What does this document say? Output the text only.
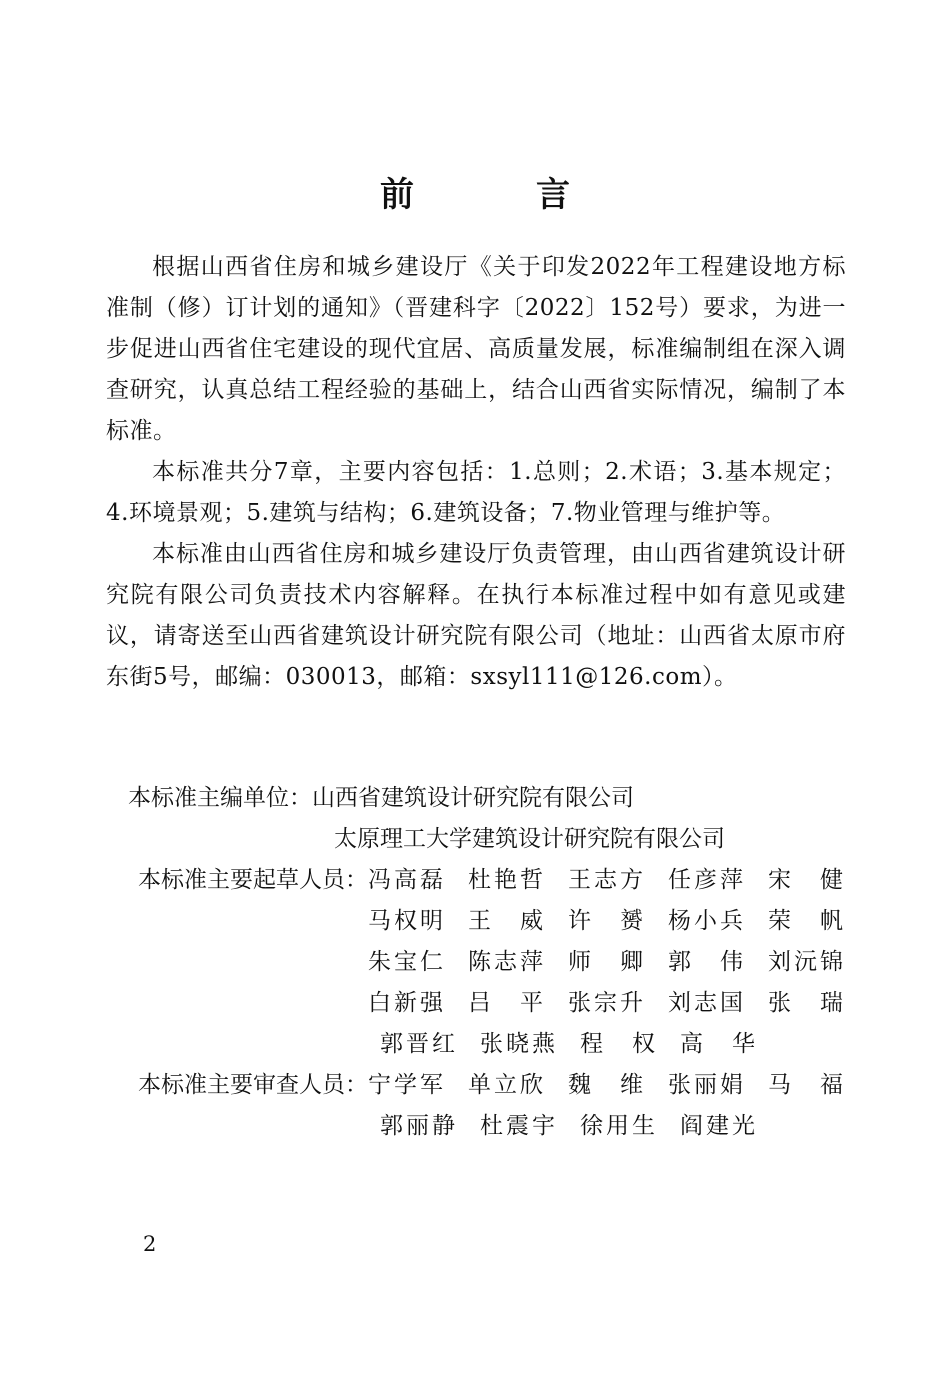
前　言

根据山西省住房和城乡建设厅《关于印发2022年工程建设地方标准制（修）订计划的通知》（晋建科字〔2022〕152号）要求，为进一步促进山西省住宅建设的现代宜居、高质量发展，标准编制组在深入调查研究，认真总结工程经验的基础上，结合山西省实际情况，编制了本标准。

本标准共分7章，主要内容包括：1.总则；2.术语；3.基本规定；4.环境景观；5.建筑与结构；6.建筑设备；7.物业管理与维护等。

本标准由山西省住房和城乡建设厅负责管理，由山西省建筑设计研究院有限公司负责技术内容解释。在执行本标准过程中如有意见或建议，请寄送至山西省建筑设计研究院有限公司（地址：山西省太原市府东街5号，邮编：030013，邮箱：sxsyl111@126.com）。

本标准主编单位： 山西省建筑设计研究院有限公司
太原理工大学建筑设计研究院有限公司
本标准主要起草人员： 冯高磊 杜艳哲 王志方 任彦萍 宋 健
马权明 王 威 许 赟 杨小兵 荣 帆
朱宝仁 陈志萍 师 卿 郭 伟 刘沅锦
白新强 吕 平 张宗升 刘志国 张 瑞
郭晋红 张晓燕 程 权 高 华
本标准主要审查人员： 宁学军 单立欣 魏 维 张丽娟 马 福
郭丽静 杜震宇 徐用生 阎建光
2
